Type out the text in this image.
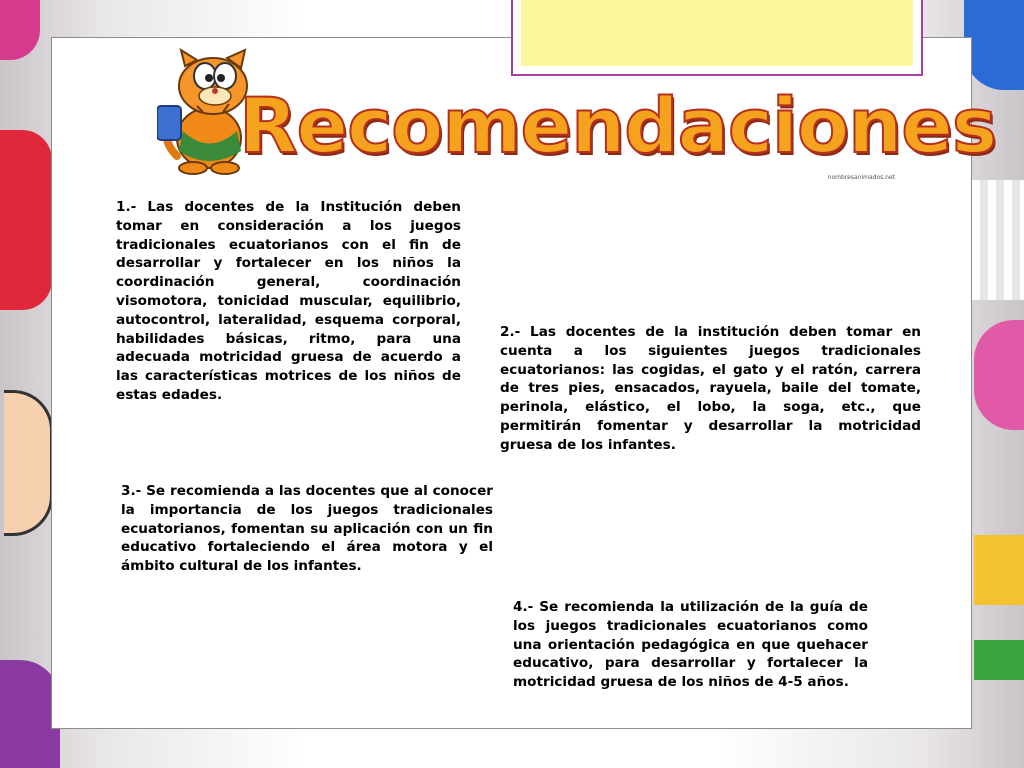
Recomendaciones
nombresanimados.net

1.- Las docentes de la Institución deben tomar en consideración a los juegos tradicionales ecuatorianos con el fin de desarrollar y fortalecer en los niños la coordinación general, coordinación visomotora, tonicidad muscular, equilibrio, autocontrol, lateralidad, esquema corporal, habilidades básicas, ritmo, para una adecuada motricidad gruesa de acuerdo a las características motrices de los niños de estas edades.

2.- Las docentes de la institución deben tomar en cuenta a los siguientes juegos tradicionales ecuatorianos: las cogidas, el gato y el ratón, carrera de tres pies, ensacados, rayuela, baile del tomate, perinola, elástico, el lobo, la soga, etc., que permitirán fomentar y desarrollar la motricidad gruesa de los infantes.

3.- Se recomienda a las docentes que al conocer la importancia de los juegos tradicionales ecuatorianos, fomentan su aplicación con un fin educativo fortaleciendo el área motora y el ámbito cultural de los infantes.

4.- Se recomienda la utilización de la guía de los juegos tradicionales ecuatorianos como una orientación pedagógica en que quehacer educativo, para desarrollar y fortalecer la motricidad gruesa de los niños de 4-5 años.
